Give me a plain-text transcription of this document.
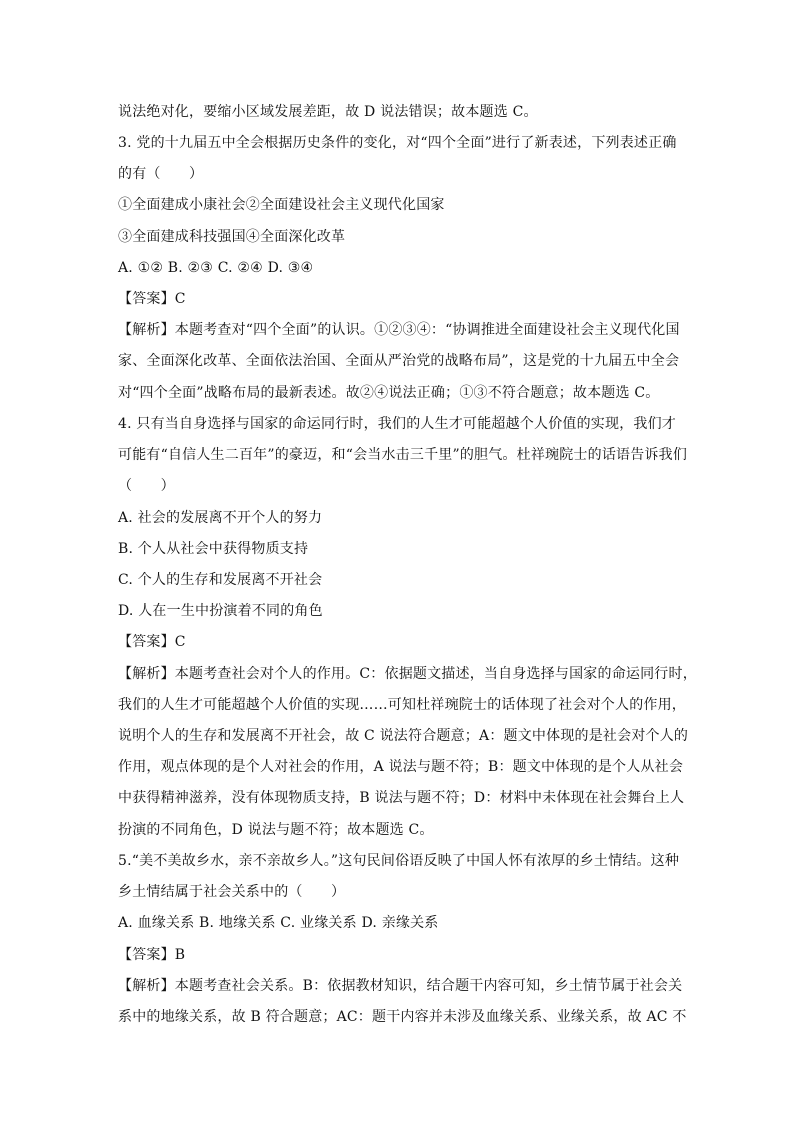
说法绝对化，要缩小区域发展差距，故 D 说法错误；故本题选 C。
3. 党的十九届五中全会根据历史条件的变化，对“四个全面”进行了新表述，下列表述正确
的有（　　）
①全面建成小康社会②全面建设社会主义现代化国家
③全面建成科技强国④全面深化改革
A. ①② B. ②③ C. ②④ D. ③④
【答案】C
【解析】本题考查对“四个全面”的认识。①②③④：“协调推进全面建设社会主义现代化国
家、全面深化改革、全面依法治国、全面从严治党的战略布局”，这是党的十九届五中全会
对“四个全面”战略布局的最新表述。故②④说法正确；①③不符合题意；故本题选 C。
4. 只有当自身选择与国家的命运同行时，我们的人生才可能超越个人价值的实现，我们才
可能有“自信人生二百年”的豪迈，和“会当水击三千里”的胆气。杜祥琬院士的话语告诉我们
（　　）
A. 社会的发展离不开个人的努力
B. 个人从社会中获得物质支持
C. 个人的生存和发展离不开社会
D. 人在一生中扮演着不同的角色
【答案】C
【解析】本题考查社会对个人的作用。C：依据题文描述，当自身选择与国家的命运同行时，
我们的人生才可能超越个人价值的实现……可知杜祥琬院士的话体现了社会对个人的作用，
说明个人的生存和发展离不开社会，故 C 说法符合题意；A：题文中体现的是社会对个人的
作用，观点体现的是个人对社会的作用，A 说法与题不符；B：题文中体现的是个人从社会
中获得精神滋养，没有体现物质支持，B 说法与题不符；D：材料中未体现在社会舞台上人
扮演的不同角色，D 说法与题不符；故本题选 C。
5.“美不美故乡水，亲不亲故乡人。”这句民间俗语反映了中国人怀有浓厚的乡土情结。这种
乡土情结属于社会关系中的（　　）
A. 血缘关系 B. 地缘关系 C. 业缘关系 D. 亲缘关系
【答案】B
【解析】本题考查社会关系。B：依据教材知识，结合题干内容可知，乡土情节属于社会关
系中的地缘关系，故 B 符合题意；AC：题干内容并未涉及血缘关系、业缘关系，故 AC 不
